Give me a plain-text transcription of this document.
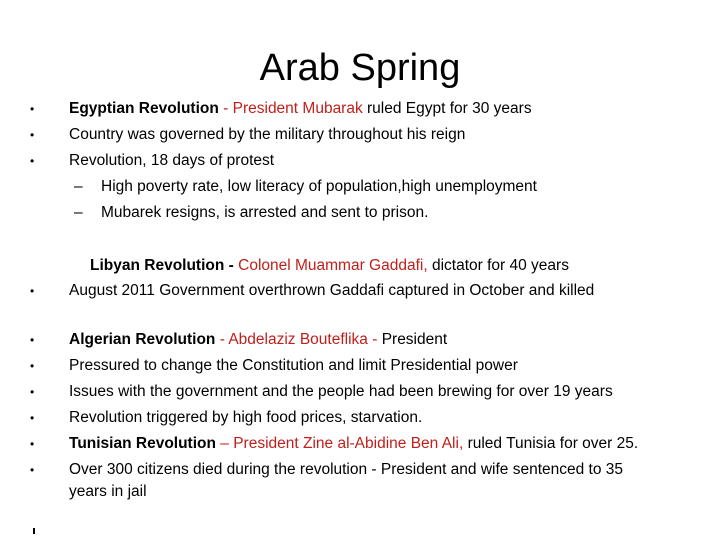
Arab Spring
• Egyptian Revolution - President Mubarak ruled Egypt for 30 years
• Country was governed by the military throughout his reign
• Revolution, 18 days of protest
– High poverty rate, low literacy of population,high unemployment
– Mubarek resigns, is arrested and sent to prison.
Libyan Revolution - Colonel Muammar Gaddafi, dictator for 40 years
• August 2011 Government overthrown Gaddafi captured in October and killed
• Algerian Revolution - Abdelaziz Bouteflika - President
• Pressured to change the Constitution and limit Presidential power
• Issues with the government and the people had been brewing for over 19 years
• Revolution triggered by high food prices, starvation.
• Tunisian Revolution – President Zine al-Abidine Ben Ali, ruled Tunisia for over 25.
• Over 300 citizens died during the revolution - President and wife sentenced to 35
years in jail
